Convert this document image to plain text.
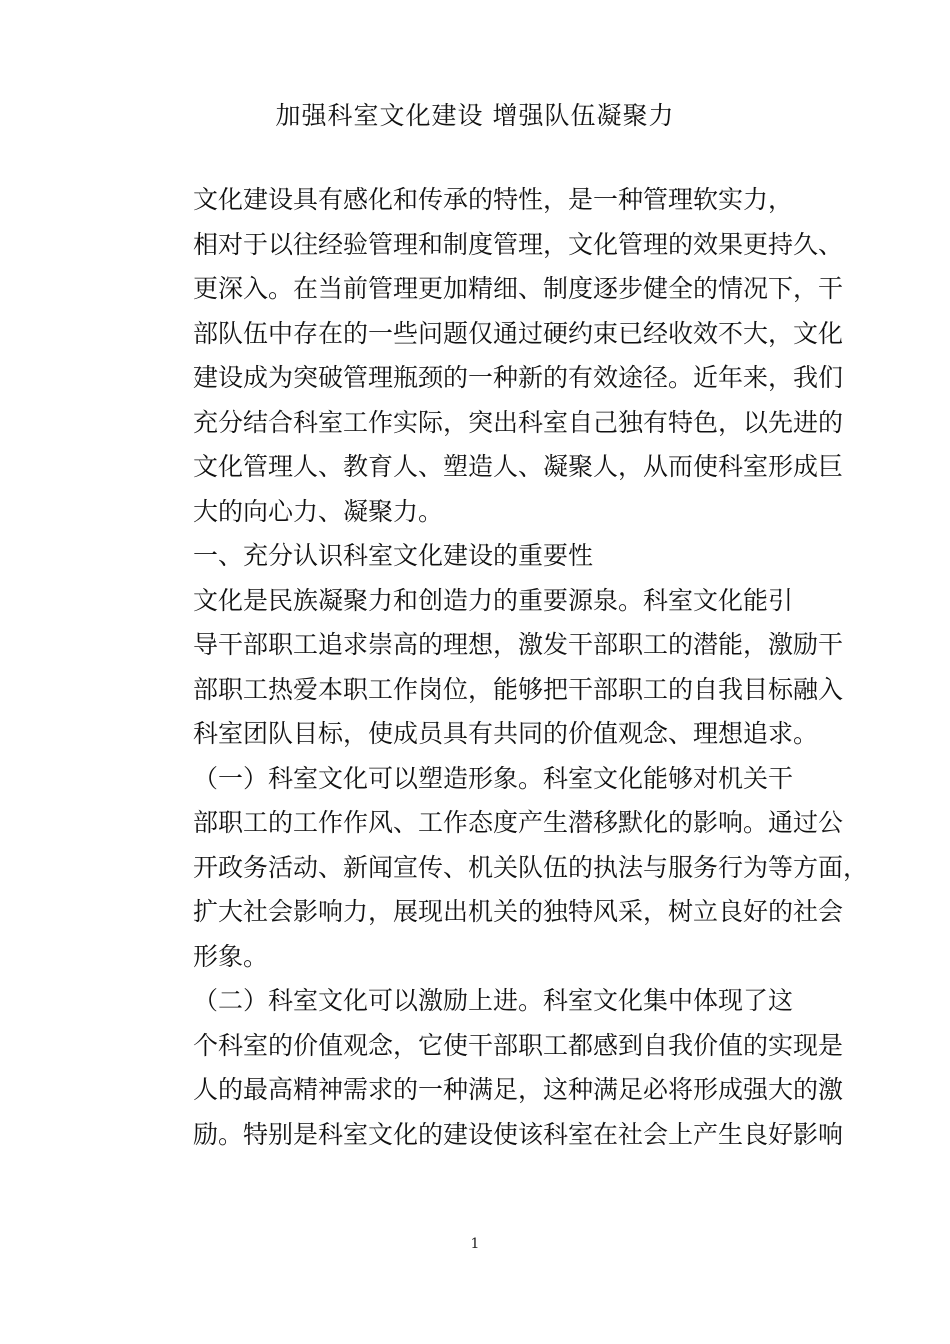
加强科室文化建设 增强队伍凝聚力

文化建设具有感化和传承的特性，是一种管理软实力，
相对于以往经验管理和制度管理，文化管理的效果更持久、
更深入。在当前管理更加精细、制度逐步健全的情况下，干
部队伍中存在的一些问题仅通过硬约束已经收效不大，文化
建设成为突破管理瓶颈的一种新的有效途径。近年来，我们
充分结合科室工作实际，突出科室自己独有特色，以先进的
文化管理人、教育人、塑造人、凝聚人，从而使科室形成巨
大的向心力、凝聚力。

一、充分认识科室文化建设的重要性

文化是民族凝聚力和创造力的重要源泉。科室文化能引
导干部职工追求崇高的理想，激发干部职工的潜能，激励干
部职工热爱本职工作岗位，能够把干部职工的自我目标融入
科室团队目标，使成员具有共同的价值观念、理想追求。

（一）科室文化可以塑造形象。科室文化能够对机关干
部职工的工作作风、工作态度产生潜移默化的影响。通过公
开政务活动、新闻宣传、机关队伍的执法与服务行为等方面，
扩大社会影响力，展现出机关的独特风采，树立良好的社会
形象。

（二）科室文化可以激励上进。科室文化集中体现了这
个科室的价值观念，它使干部职工都感到自我价值的实现是
人的最高精神需求的一种满足，这种满足必将形成强大的激
励。特别是科室文化的建设使该科室在社会上产生良好影响

1
